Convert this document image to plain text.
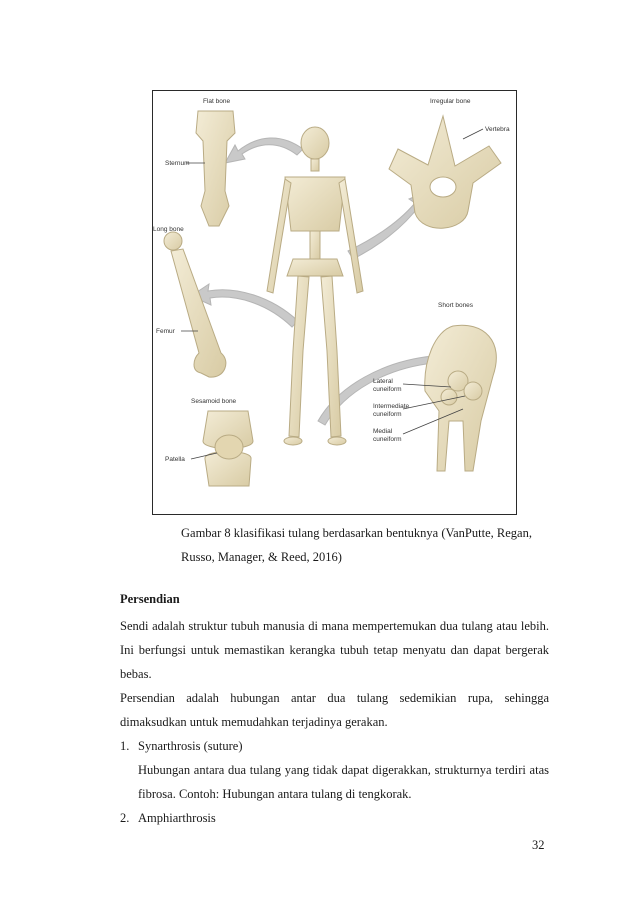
Flat bone
Sternum
Irregular bone
Vertebra
Long bone
Femur
Short bones
Lateral
cuneiform
Intermediate
cuneiform
Medial
cuneiform
Sesamoid bone
Patella
Gambar 8 klasifikasi tulang berdasarkan bentuknya (VanPutte, Regan,
Russo, Manager, & Reed, 2016)
Persendian
Sendi adalah struktur tubuh manusia di mana mempertemukan dua tulang atau lebih. Ini berfungsi untuk memastikan kerangka tubuh tetap menyatu dan dapat bergerak bebas.
Persendian adalah hubungan antar dua tulang sedemikian rupa, sehingga dimaksudkan untuk memudahkan terjadinya gerakan.
1. Synarthrosis (suture)
Hubungan antara dua tulang yang tidak dapat digerakkan, strukturnya terdiri atas fibrosa. Contoh: Hubungan antara tulang di tengkorak.
2. Amphiarthrosis
32
